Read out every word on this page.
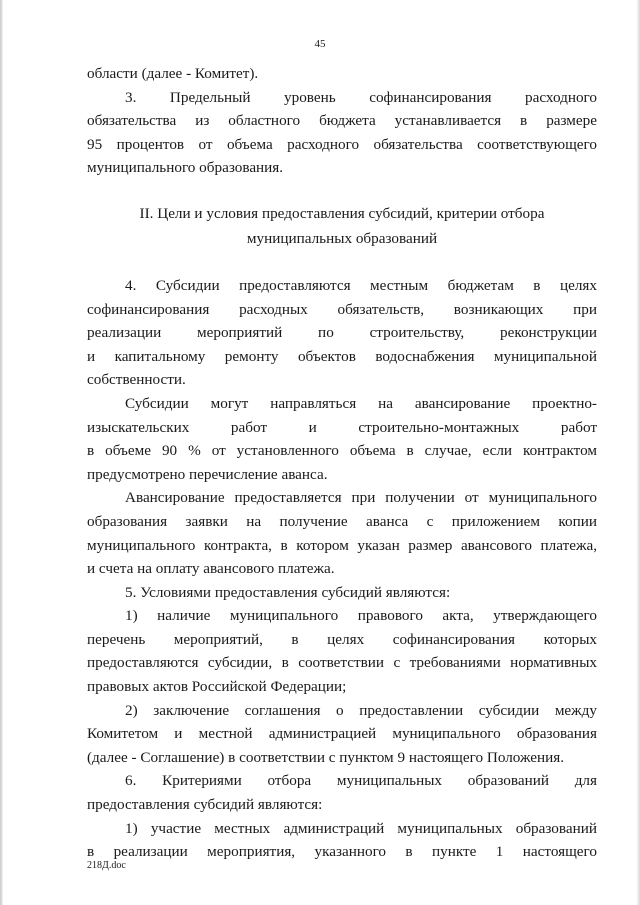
45

области (далее - Комитет).

3. Предельный уровень софинансирования расходного

обязательства из областного бюджета устанавливается в размере

95 процентов от объема расходного обязательства соответствующего

муниципального образования.

II. Цели и условия предоставления субсидий, критерии отбора
муниципальных образований

4. Субсидии предоставляются местным бюджетам в целях

софинансирования расходных обязательств, возникающих при

реализации мероприятий по строительству, реконструкции

и капитальному ремонту объектов водоснабжения муниципальной

собственности.

Субсидии могут направляться на авансирование проектно-

изыскательских работ и строительно-монтажных работ

в объеме 90 % от установленного объема в случае, если контрактом

предусмотрено перечисление аванса.

Авансирование предоставляется при получении от муниципального

образования заявки на получение аванса с приложением копии

муниципального контракта, в котором указан размер авансового платежа,

и счета на оплату авансового платежа.

5. Условиями предоставления субсидий являются:

1) наличие муниципального правового акта, утверждающего

перечень мероприятий, в целях софинансирования которых

предоставляются субсидии, в соответствии с требованиями нормативных

правовых актов Российской Федерации;

2) заключение соглашения о предоставлении субсидии между

Комитетом и местной администрацией муниципального образования

(далее - Соглашение) в соответствии с пунктом 9 настоящего Положения.

6. Критериями отбора муниципальных образований для

предоставления субсидий являются:

1) участие местных администраций муниципальных образований

в реализации мероприятия, указанного в пункте 1 настоящего

218Д.doc
